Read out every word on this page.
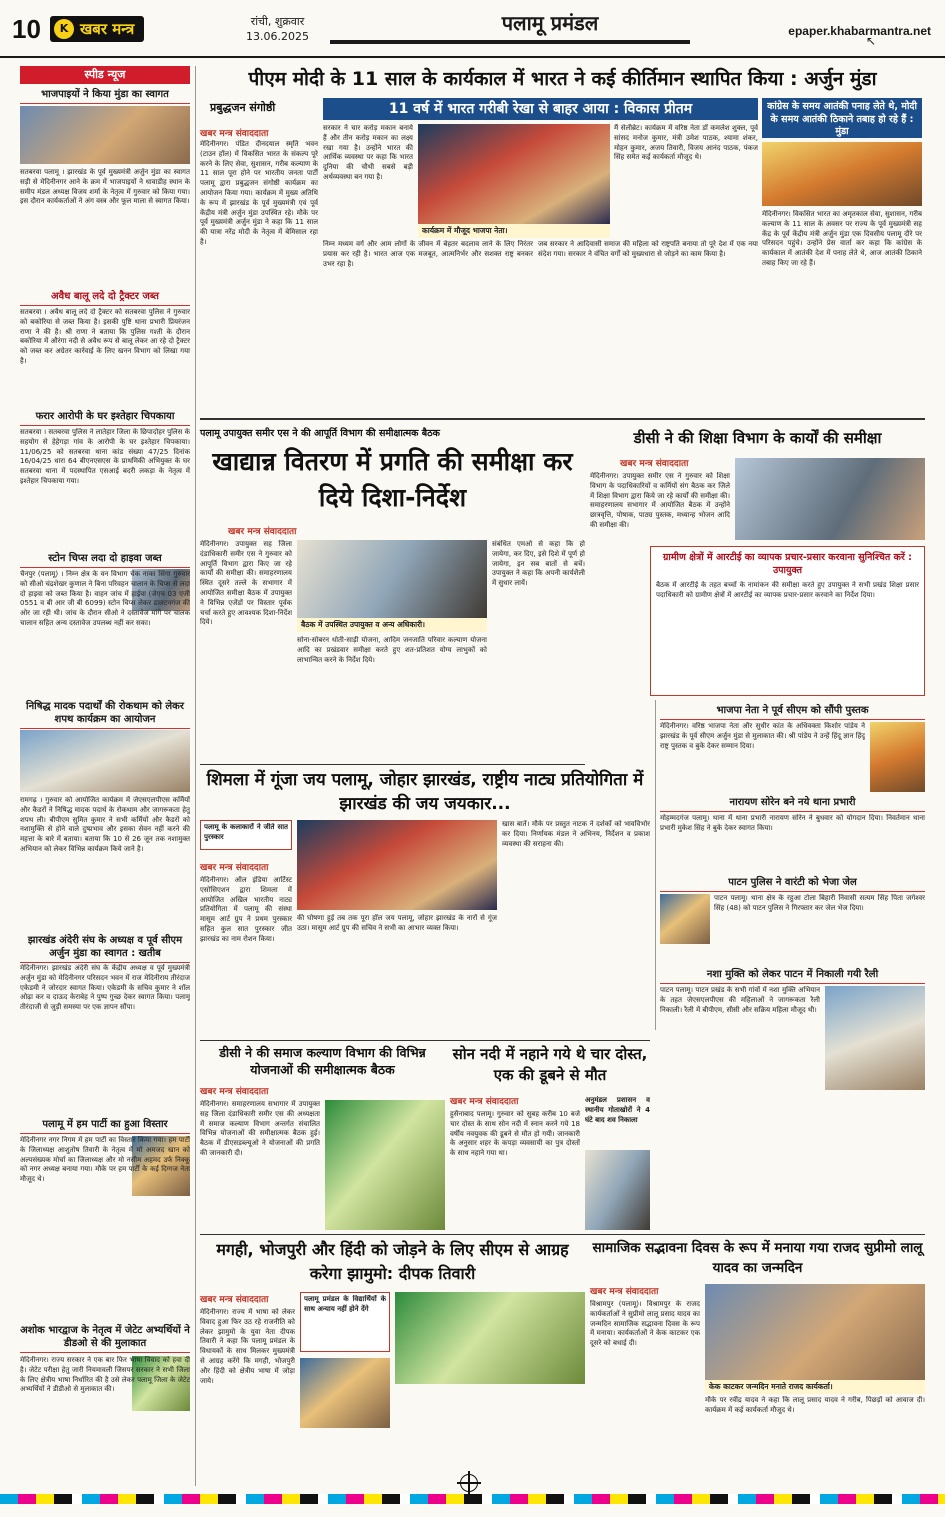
10	K खबर मन्त्र	रांची, शुक्रवार
13.06.2025
पलामू प्रमंडल	epaper.khabarmantra.net
↖
स्पीड न्यूज
भाजपाइयों ने किया मुंडा का स्वागत
सतबरवा पलामू । झारखंड के पूर्व मुख्यमंत्री अर्जुन मुंडा का स्वागत सड़ी से मेदिनीनगर आने के क्रम में भाजपाइयों ने धावाडीह स्थान के समीप मंडल अध्यक्ष विजय शर्मा के नेतृत्व में गुरुवार को किया गया। इस दौरान कार्यकर्ताओं ने अंग वस्त्र और फूल माला से स्वागत किया।
अवैध बालू लदे दो ट्रैक्टर जब्त
सतबरवा । अवैध बालू लदे दो ट्रैक्टर को सतबरवा पुलिस ने गुरुवार को बकोरिया से जब्त किया है। इसकी पुष्टि थाना प्रभारी प्रियरंजन राणा ने की है। श्री राणा ने बताया कि पुलिस गश्ती के दौरान बकोरिया में औरंगा नदी से अवैध रूप से बालू लेकर आ रहे दो ट्रैक्टर को जब्त कर अग्रेतर कार्रवाई के लिए खनन विभाग को लिखा गया है।
फरार आरोपी के घर इश्तेहार चिपकाया
सतबरवा । सतबरवा पुलिस ने लातेहार जिला के छिपादोहर पुलिस के सहयोग से हेहेगड़ा गांव के आरोपी के घर इश्तेहार चिपकाया। 11/06/25 को सतबरवा थाना कांड संख्या 47/25 दिनांक 16/04/25 धारा 64 बीएनएसएस के प्राथमिकी अभियुक्त के घर सतबरवा थाना में पदस्थापित एसआई बदरी लकड़ा के नेतृत्व में इश्तेहार चिपकाया गया।
स्टोन चिप्स लदा दो हाइवा जब्त
चैनपुर (पलामू) । निम्न क्षेत्र के वन विभाग चेक नाका सिंगा गुरुवार को सीओ चंद्रशेखर कुणाल ने बिना परिवहन चालान के चिप्स से लदा दो हाइवा को जब्त किया है। वाहन जांच में हाईवा (जेएच 03 एजी 0551 व बी आर जी बी 6099) स्टोन चिप्स लेकर डालटनगंज की ओर जा रही थी। जांच के दौरान सीओ ने दस्तावेज मांगे पर चालक चालान सहित अन्य दस्तावेज उपलब्ध नहीं कर सका।
निषिद्ध मादक पदार्थों की रोकथाम को लेकर शपथ कार्यक्रम का आयोजन
रामगढ़ । गुरुवार को आयोजित कार्यक्रम में जेएसएलपीएस कर्मियों और कैडरों ने निषिद्ध मादक पदार्थ के रोकथाम और जागरूकता हेतु शपथ ली। बीपीएम सुमित कुमार ने सभी कर्मियों और कैडरों को नशामुक्ति से होने वाले दुष्प्रभाव और इसका सेवन नहीं करने की महत्ता के बारे में बताया। बताया कि 10 से 26 जून तक नशामुक्त अभियान को लेकर विभिन्न कार्यक्रम किये जाने है।
झारखंड अंदेरी संघ के अध्यक्ष व पूर्व सीएम अर्जुन मुंडा का स्वागत : खतीब
मेदिनीनगर। झारखंड अंदेरी संघ के केंद्रीय अध्यक्ष व पूर्व मुख्यमंत्री अर्जुन मुंडा को मेदिनीनगर परिसदन भवन में राज मेदिनीराय तीरंदाज एकेडमी ने जोरदार स्वागत किया। एकेडमी के सचिव कुमार ने शॉल ओढ़ा कर व दाऊद केराबेह ने पुष्प गुच्छ देकर स्वागत किया। पलामू तीरंदाजी से जुड़ी समस्या पर एक ज्ञापन सौंपा।
पलामू में हम पार्टी का हुआ विस्तार
मेदिनीनगर नगर निगम में हम पार्टी का विस्तार किया गया। हम पार्टी के जिलाध्यक्ष आशुतोष तिवारी के नेतृत्व में मो अमजद खान को अल्पसंख्यक मोर्चा का जिलाध्यक्ष और मो नसीम अहमद उर्फ निक्कू को नगर अध्यक्ष बनाया गया। मौके पर हम पार्टी के कई दिग्गज नेता मौजूद थे।
अशोक भारद्वाज के नेतृत्व में जेटेट अभ्यर्थियों ने डीडओ से की मुलाकात
मेदिनीनगर। राज्य सरकार ने एक बार फिर भाषा विवाद को हवा दी है। जेटेट परीक्षा हेतु जारी नियमावली जिसपर सरकार ने सभी जिला के लिए क्षेत्रीय भाषा निर्धारित की है उसे लेकर पलामू जिला के जेटेट अभ्यर्थियों ने डीडीओ से मुलाकात की।
पीएम मोदी के 11 साल के कार्यकाल में भारत ने कई कीर्तिमान स्थापित किया : अर्जुन मुंडा
प्रबुद्धजन संगोष्ठी	11 वर्ष में भारत गरीबी रेखा से बाहर आया : विकास प्रीतम	कांग्रेस के समय आतंकी पनाह लेते थे, मोदी के समय आतंकी ठिकाने तबाह हो रहे हैं : मुंडा
खबर मन्त्र संवाददाता
मेदिनीनगर। पंडित दीनदयाल स्मृति भवन (टाउन हॉल) में विकसित भारत के संकल्प पूरे करने के लिए सेवा, सुशासन, गरीब कल्याण के 11 साल पूरा होने पर भारतीय जनता पार्टी पलामू द्वारा प्रबुद्धजन संगोष्ठी कार्यक्रम का आयोजन किया गया। कार्यक्रम में मुख्य अतिथि के रूप में झारखंड के पूर्व मुख्यमंत्री एवं पूर्व केंद्रीय मंत्री अर्जुन मुंडा उपस्थित रहे। मौके पर पूर्व मुख्यमंत्री अर्जुन मुंडा ने कहा कि 11 साल की यात्रा नरेंद्र मोदी के नेतृत्व में बेमिसाल रहा है।
सरकार ने चार करोड़ मकान बनाये हैं और तीन करोड़ मकान का लक्ष्य रखा गया है। उन्होंने भारत की आर्थिक व्यवस्था पर कहा कि भारत दुनिया की चौथी सबसे बड़ी अर्थव्यवस्था बन गया है।
कार्यक्रम में मौजूद भाजपा नेता।
मैं सेलीब्रेट। कार्यक्रम में वरिष्ठ नेता डॉ कमलेश शुक्ल, पूर्व सांसद मनोज कुमार, मंत्री उमेश पाठक, श्यामा शंकर, मोहन कुमार, अजय तिवारी, विजय आनंद पाठक, पंकज सिंह समेत कई कार्यकर्ता मौजूद थे।
निम्न मध्यम वर्ग और आम लोगों के जीवन में बेहतर बदलाव लाने के लिए निरंतर प्रयास कर रही है। भारत आज एक मजबूत, आत्मनिर्भर और सशक्त राष्ट्र बनकर उभर रहा है।
जब सरकार ने आदिवासी समाज की महिला को राष्ट्रपति बनाया तो पूरे देश में एक नया संदेश गया। सरकार ने वंचित वर्गों को मुख्यधारा से जोड़ने का काम किया है।
मेदिनीनगर। विकसित भारत का अमृतकाल सेवा, सुशासन, गरीब कल्याण के 11 साल के अवसर पर राज्य के पूर्व मुख्यमंत्री सह केंद्र के पूर्व केंद्रीय मंत्री अर्जुन मुंडा एक दिवसीय पलामू दौरे पर परिसदन पहुंचे। उन्होंने प्रेस वार्ता कर कहा कि कांग्रेस के कार्यकाल में आतंकी देश में पनाह लेते थे, आज आतंकी ठिकाने तबाह किए जा रहे हैं।
पलामू उपायुक्त समीर एस ने की आपूर्ति विभाग की समीक्षात्मक बैठक
खाद्यान्न वितरण में प्रगति की समीक्षा कर दिये दिशा-निर्देश
खबर मन्त्र संवाददाता
मेदिनीनगर। उपायुक्त सह जिला दंडाधिकारी समीर एस ने गुरुवार को आपूर्ति विभाग द्वारा किए जा रहे कार्यों की समीक्षा की। समाहरणालय स्थित दूसरे तल्ले के सभागार में आयोजित समीक्षा बैठक में उपायुक्त ने विभिन्न एजेंडों पर विस्तार पूर्वक चर्चा करते हुए आवश्यक दिशा-निर्देश दिये।	बैठक में उपस्थित उपायुक्त व अन्य अधिकारी।
सोना-सोबरन धोती-साड़ी योजना, आदिम जनजाति परिवार कल्याण योजना आदि का प्रखंडवार समीक्षा करते हुए शत-प्रतिशत योग्य लाभुकों को लाभान्वित करने के निर्देश दिये।
संबंधित एमओ से कहा कि हो जायेगा, कर दिए, इसे दिशे में पूर्ण हो जायेगा, इन सब बातों से बचें। उपायुक्त ने कहा कि अपनी कार्यशैली में सुधार लायें।
डीसी ने की शिक्षा विभाग के कार्यों की समीक्षा
खबर मन्त्र संवाददाता
मेदिनीनगर। उपायुक्त समीर एस ने गुरुवार को शिक्षा विभाग के पदाधिकारियों व कर्मियों संग बैठक कर जिले में शिक्षा विभाग द्वारा किये जा रहे कार्यों की समीक्षा की। समाहरणालय सभागार में आयोजित बैठक में उन्होंने छात्रवृत्ति, पोषाक, पाठ्य पुस्तक, मध्यान्ह भोजन आदि की समीक्षा की।
ग्रामीण क्षेत्रों में आरटीई का व्यापक प्रचार-प्रसार करवाना सुनिश्चित करें : उपायुक्त
बैठक में आरटीई के तहत बच्चों के नामांकन की समीक्षा करते हुए उपायुक्त ने सभी प्रखंड शिक्षा प्रसार पदाधिकारी को ग्रामीण क्षेत्रों में आरटीई का व्यापक प्रचार-प्रसार करवाने का निर्देश दिया।
शिमला में गूंजा जय पलामू, जोहार झारखंड, राष्ट्रीय नाट्य प्रतियोगिता में झारखंड की जय जयकार...
पलामू के कलाकारों ने जीते सात पुरस्कार
खबर मन्त्र संवाददाता
मेदिनीनगर। ऑल इंडिया आर्टिस्ट एसोसिएशन द्वारा शिमला में आयोजित अखिल भारतीय नाट्य प्रतियोगिता में पलामू की संस्था मासूम आर्ट ग्रुप ने प्रथम पुरस्कार सहित कुल सात पुरस्कार जीत झारखंड का नाम रोशन किया।
की घोषणा हुई तब तक पूरा हॉल जय पलामू, जोहार झारखंड के नारों से गूंज उठा। मासूम आर्ट ग्रुप की सचिव ने सभी का आभार व्यक्त किया।
खास बातें। मौके पर प्रस्तुत नाटक ने दर्शकों को भावविभोर कर दिया। निर्णायक मंडल ने अभिनय, निर्देशन व प्रकाश व्यवस्था की सराहना की।
भाजपा नेता ने पूर्व सीएम को सौंपी पुस्तक
मेदिनीनगर। वरिष्ठ भाजपा नेता और सुधीर कांत के अधिवक्ता किशोर पांडेय ने झारखंड के पूर्व सीएम अर्जुन मुंडा से मुलाकात की। श्री पांडेय ने उन्हें हिंदू ज्ञान हिंदू राष्ट्र पुस्तक व बुके देकर सम्मान दिया।
नारायण सोरेन बने नये थाना प्रभारी
मोहम्मदगंज पलामू। थाना में थाना प्रभारी नारायण सोरेन ने बुधवार को योगदान दिया। निवर्तमान थाना प्रभारी मुकेश सिंह ने बुके देकर स्वागत किया।
पाटन पुलिस ने वारंटी को भेजा जेल
पाटन पलामू। थाना क्षेत्र के रहुआ टोला बिहारी निवासी सत्यम सिंह पिता जगेश्वर सिंह (48) को पाटन पुलिस ने गिरफ्तार कर जेल भेज दिया।
नशा मुक्ति को लेकर पाटन में निकाली गयी रैली
पाटन पलामू। पाटन प्रखंड के सभी गांवों में नशा मुक्ति अभियान के तहत जेएसएलपीएस की महिलाओं ने जागरूकता रैली निकाली। रैली में बीपीएम, सीसी और सक्रिय महिला मौजूद थी।
डीसी ने की समाज कल्याण विभाग की विभिन्न योजनाओं की समीक्षात्मक बैठक
खबर मन्त्र संवाददाता
मेदिनीनगर। समाहरणालय सभागार में उपायुक्त सह जिला दंडाधिकारी समीर एस की अध्यक्षता में समाज कल्याण विभाग अन्तर्गत संचालित विभिन्न योजनाओं की समीक्षात्मक बैठक हुई। बैठक में डीएसडब्ल्यूओ ने योजनाओं की प्रगति की जानकारी दी।
सोन नदी में नहाने गये थे चार दोस्त, एक की डूबने से मौत
खबर मन्त्र संवाददाता
हुसैनाबाद पलामू। गुरुवार को सुबह करीब 10 बजे चार दोस्त के साथ सोन नदी में स्नान करने गये 18 वर्षीय नवयुवक की डूबने से मौत हो गयी। जानकारी के अनुसार शहर के कपड़ा व्यवसायी का पुत्र दोस्तों के साथ नहाने गया था।
अनुमंडल प्रशासन व स्थानीय गोताखोरों ने 4 घंटे बाद शव निकाला
मगही, भोजपुरी और हिंदी को जोड़ने के लिए सीएम से आग्रह करेगा झामुमो: दीपक तिवारी
खबर मन्त्र संवाददाता
मेदिनीनगर। राज्य में भाषा को लेकर विवाद हुआ फिर उठ रहे राजनीति को लेकर झामुमो के युवा नेता दीपक तिवारी ने कहा कि पलामू प्रमंडल के विधायकों के साथ मिलकर मुख्यमंत्री से आग्रह करेंगे कि मगही, भोजपुरी और हिंदी को क्षेत्रीय भाषा में जोड़ा जाये।
पलामू प्रमंडल के विद्यार्थियों के साथ अन्याय नहीं होने देंगे
सामाजिक सद्भावना दिवस के रूप में मनाया गया राजद सुप्रीमो लालू यादव का जन्मदिन
खबर मन्त्र संवाददाता
विश्रामपुर (पलामू)। विश्रामपुर के राजद कार्यकर्ताओं ने सुप्रीमो लालू प्रसाद यादव का जन्मदिन सामाजिक सद्भावना दिवस के रूप में मनाया। कार्यकर्ताओं ने केक काटकर एक दूसरे को बधाई दी।
केक काटकर जन्मदिन मनाते राजद कार्यकर्ता।
मौके पर रवींद्र यादव ने कहा कि लालू प्रसाद यादव ने गरीब, पिछड़ों को आवाज दी। कार्यक्रम में कई कार्यकर्ता मौजूद थे।
